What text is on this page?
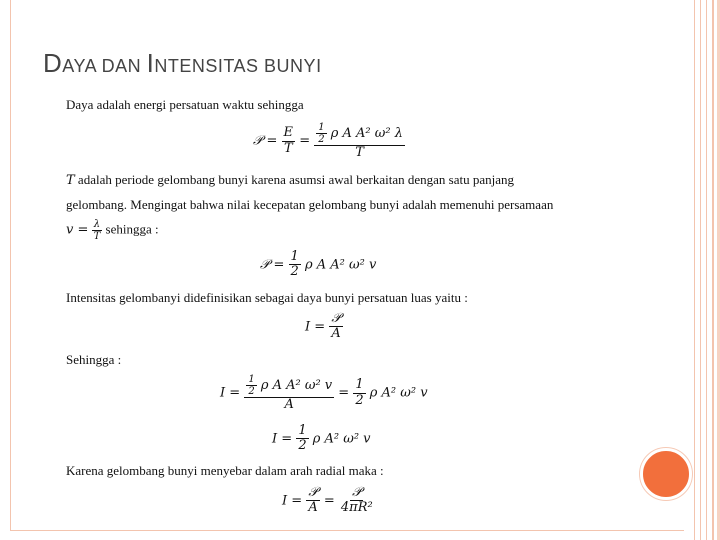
DAYA DAN INTENSITAS BUNYI
Daya adalah energi persatuan waktu sehingga
𝒫 = $\frac{E}{T} = \frac{\frac{1}{2} \rho A A^2 \omega^2 \lambda}{T}$
T adalah periode gelombang bunyi karena asumsi awal berkaitan dengan satu panjang
gelombang. Mengingat bahwa nilai kecepatan gelombang bunyi adalah memenuhi persamaan
$v = \frac{\lambda}{T}$ sehingga :
𝒫 = $\frac{1}{2}$ ρ A A² ω² v
Intensitas gelombanyi didefinisikan sebagai daya bunyi persatuan luas yaitu :
$I = \frac{\text{𝒫}}{A}$
Sehingga :
$I = \frac{\frac{1}{2} \rho A A^2 \omega^2 v}{A} = \frac{1}{2}$ ρ A² ω² v
$I = \frac{1}{2}$ ρ A² ω² v
Karena gelombang bunyi menyebar dalam arah radial maka :
$I = \frac{\text{𝒫}}{A} = \frac{\text{𝒫}}{\text{4πR²}}$
